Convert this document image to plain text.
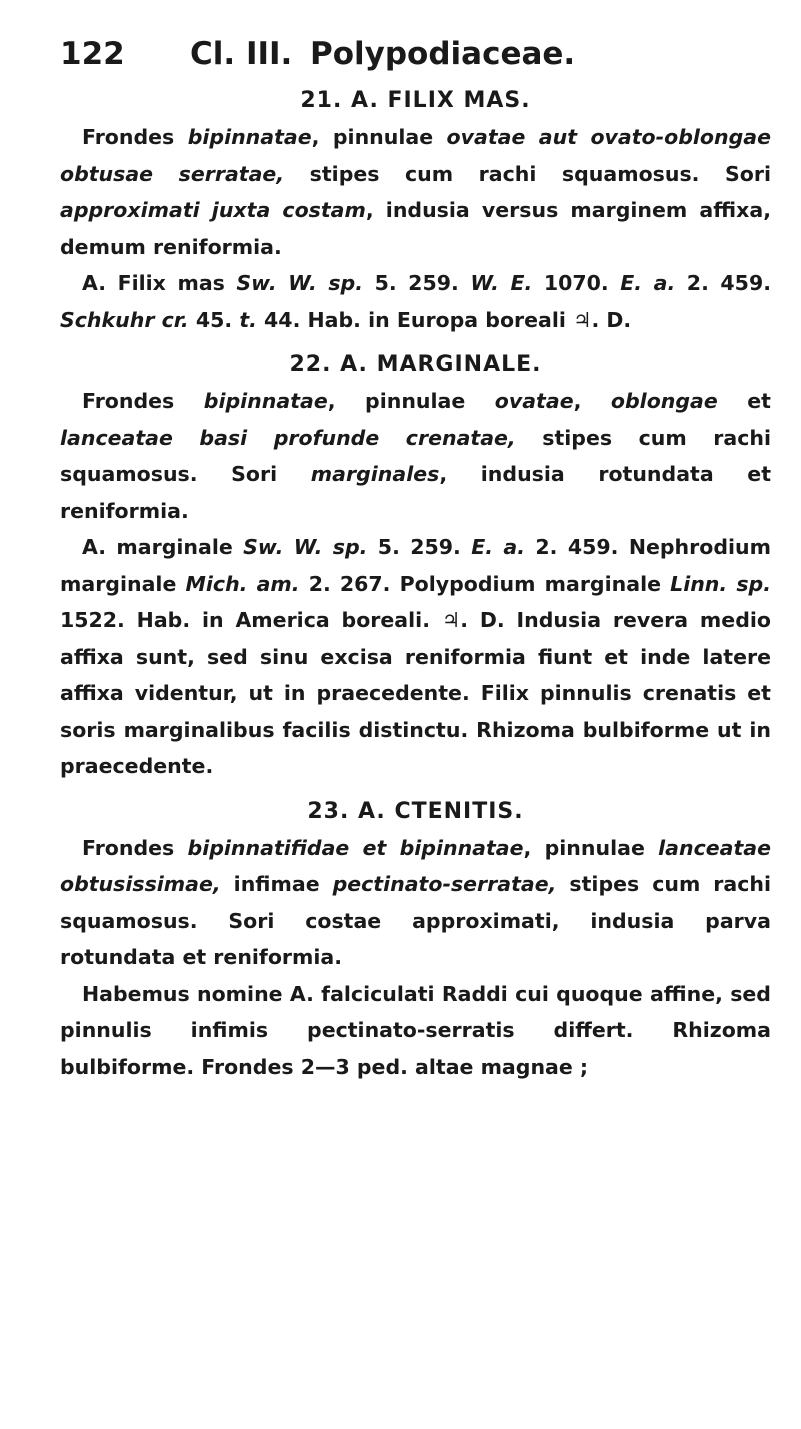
122	Cl. III. Polypodiaceae.
21. A. FILIX MAS.

Frondes bipinnatae, pinnulae ovatae aut ovato-oblongae obtusae serratae, stipes cum rachi squamosus. Sori approximati juxta costam, indusia versus marginem affixa, demum reniformia.

A. Filix mas Sw. W. sp. 5. 259. W. E. 1070. E. a. 2. 459. Schkuhr cr. 45. t. 44. Hab. in Europa boreali ♃. D.

22. A. MARGINALE.

Frondes bipinnatae, pinnulae ovatae, oblongae et lanceatae basi profunde crenatae, stipes cum rachi squamosus. Sori marginales, indusia rotundata et reniformia.

A. marginale Sw. W. sp. 5. 259. E. a. 2. 459. Nephrodium marginale Mich. am. 2. 267. Polypodium marginale Linn. sp. 1522. Hab. in America boreali. ♃. D. Indusia revera medio affixa sunt, sed sinu excisa reniformia fiunt et inde latere affixa videntur, ut in praecedente. Filix pinnulis crenatis et soris marginalibus facilis distinctu. Rhizoma bulbiforme ut in praecedente.

23. A. CTENITIS.

Frondes bipinnatifidae et bipinnatae, pinnulae lanceatae obtusissimae, infimae pectinato-serratae, stipes cum rachi squamosus. Sori costae approximati, indusia parva rotundata et reniformia.

Habemus nomine A. falciculati Raddi cui quoque affine, sed pinnulis infimis pectinato-serratis differt. Rhizoma bulbiforme. Frondes 2—3 ped. altae magnae ;
